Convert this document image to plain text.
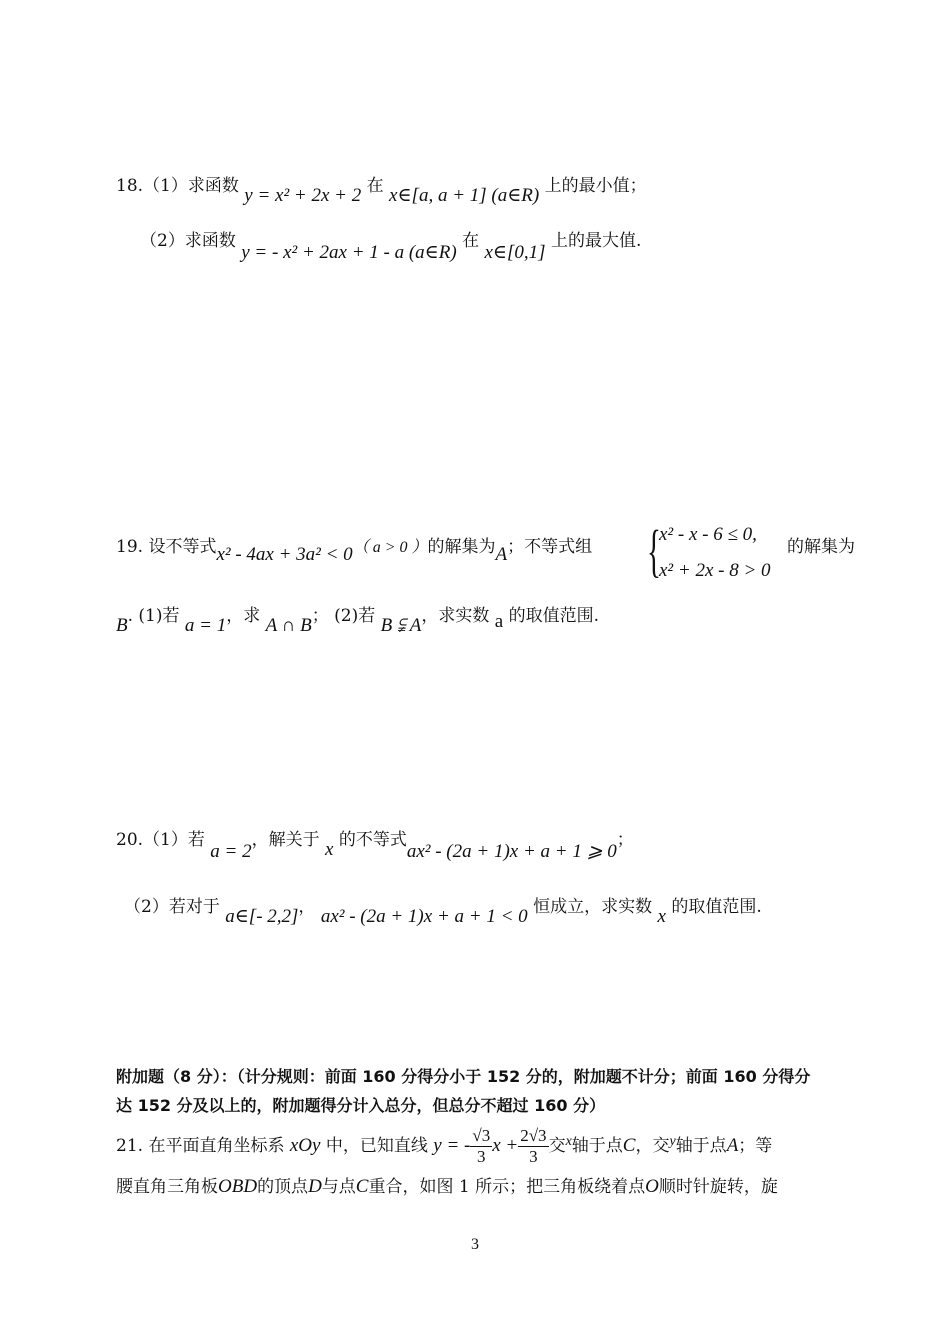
18.（1）求函数 y = x² + 2x + 2 在 x∈[a, a + 1] (a∈R) 上的最小值；
（2）求函数 y = - x² + 2ax + 1 - a (a∈R) 在 x∈[0,1] 上的最大值.
19. 设不等式x² - 4ax + 3a² < 0（ a > 0 ）的解集为A；不等式组 {
x² - x - 6 ≤ 0,
x² + 2x - 8 > 0
的解集为
B. (1)若 a = 1，求 A ∩ B； (2)若 B ⫋ A，求实数 a 的取值范围.
20.（1）若 a = 2，解关于 x 的不等式ax² - (2a + 1)x + a + 1 ⩾ 0；
（2）若对于 a∈[- 2,2]， ax² - (2a + 1)x + a + 1 < 0 恒成立，求实数 x 的取值范围.
附加题（8 分）：（计分规则：前面 160 分得分小于 152 分的，附加题不计分；前面 160 分得分
达 152 分及以上的，附加题得分计入总分，但总分不超过 160 分）
21. 在平面直角坐标系 xOy 中，已知直线 y = - $\frac{√3}{3}$ $x + \frac{2√3}{3}$ 交$^x$轴于点C，交$^y$轴于点A；等
腰直角三角板OBD的顶点D与点C重合，如图 1 所示；把三角板绕着点O顺时针旋转，旋
3
